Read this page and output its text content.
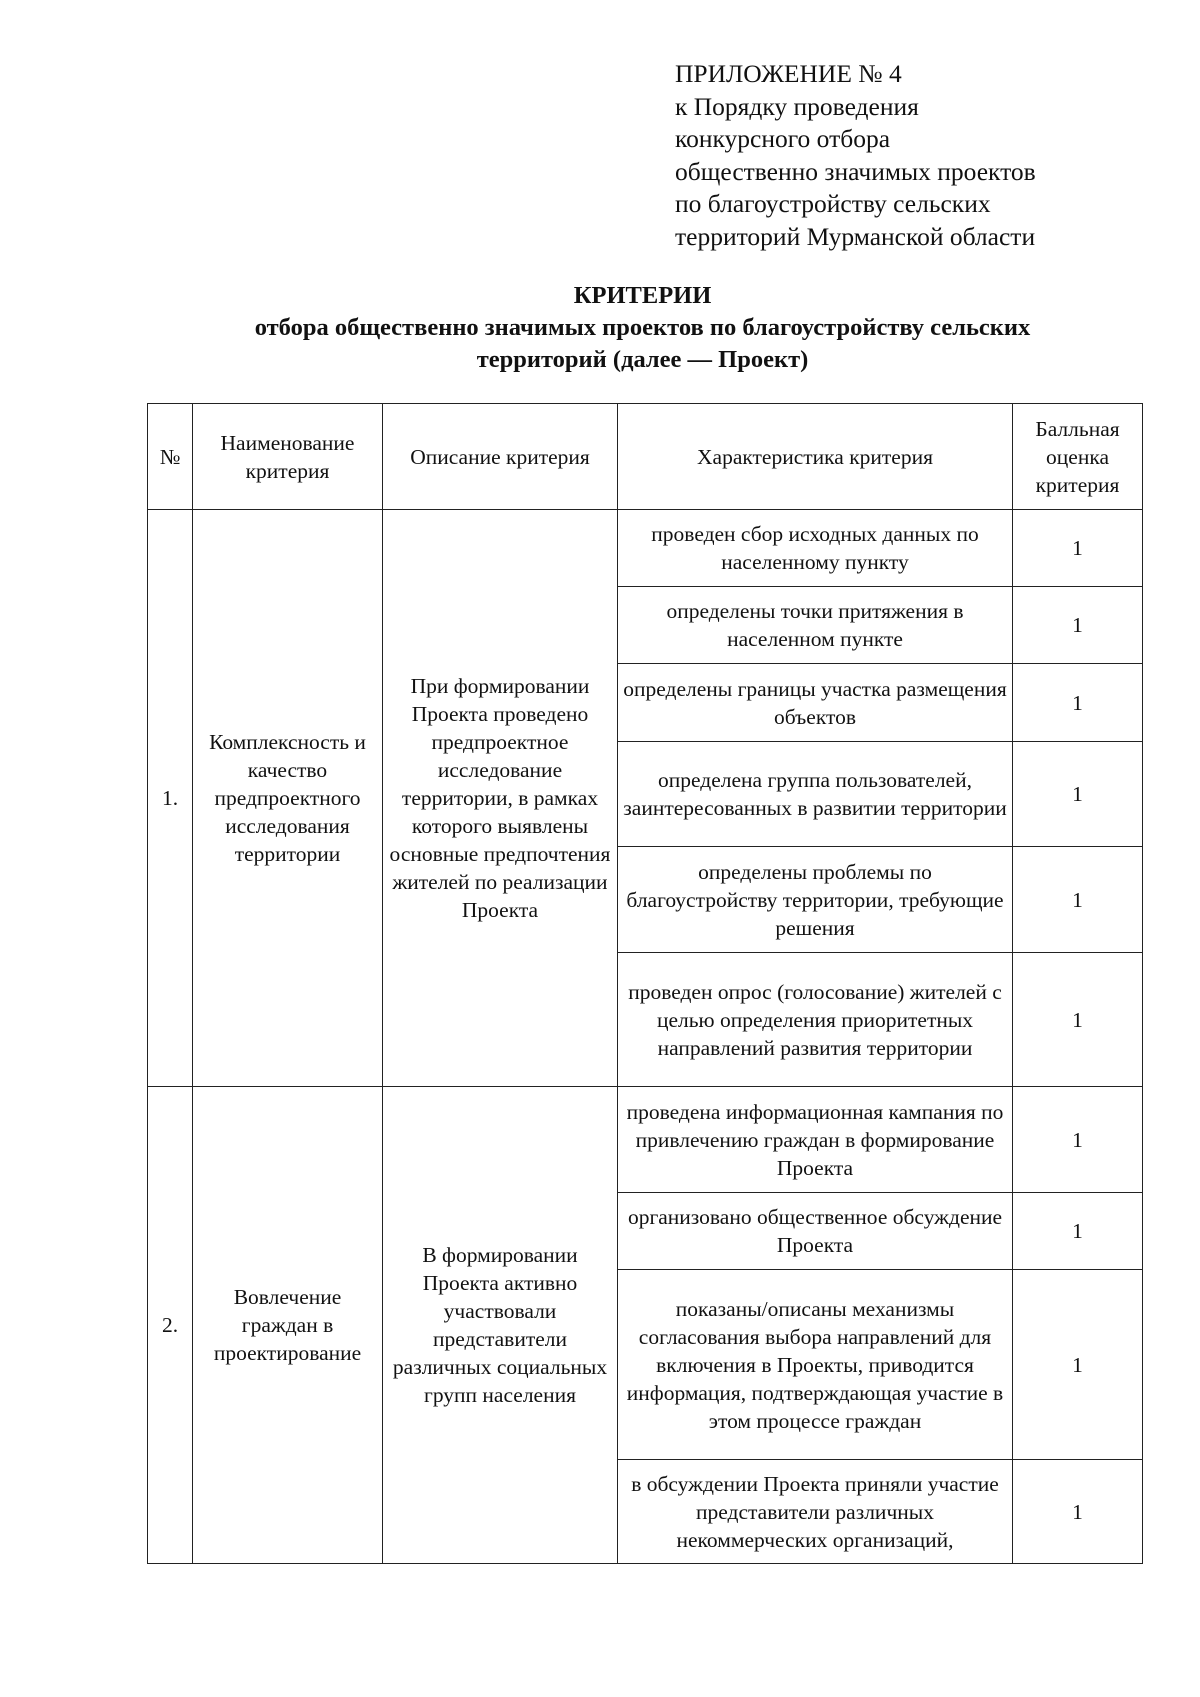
ПРИЛОЖЕНИЕ № 4
к Порядку проведения
конкурсного отбора
общественно значимых проектов
по благоустройству сельских
территорий Мурманской области
КРИТЕРИИ
отбора общественно значимых проектов по благоустройству сельских
территорий (далее — Проект)
№	Наименование критерия	Описание критерия	Характеристика критерия	Балльная оценка критерия
1.	Комплексность и качество предпроектного исследования территории	При формировании Проекта проведено предпроектное исследование территории, в рамках которого выявлены основные предпочтения жителей по реализации Проекта	проведен сбор исходных данных по населенному пункту	1
			определены точки притяжения в населенном пункте	1
			определены границы участка размещения объектов	1
			определена группа пользователей, заинтересованных в развитии территории	1
			определены проблемы по благоустройству территории, требующие решения	1
			проведен опрос (голосование) жителей с целью определения приоритетных направлений развития территории	1
2.	Вовлечение граждан в проектирование	В формировании Проекта активно участвовали представители различных социальных групп населения	проведена информационная кампания по привлечению граждан в формирование Проекта	1
			организовано общественное обсуждение Проекта	1
			показаны/описаны механизмы согласования выбора направлений для включения в Проекты, приводится информация, подтверждающая участие в этом процессе граждан	1
			в обсуждении Проекта приняли участие представители различных некоммерческих организаций,	1
